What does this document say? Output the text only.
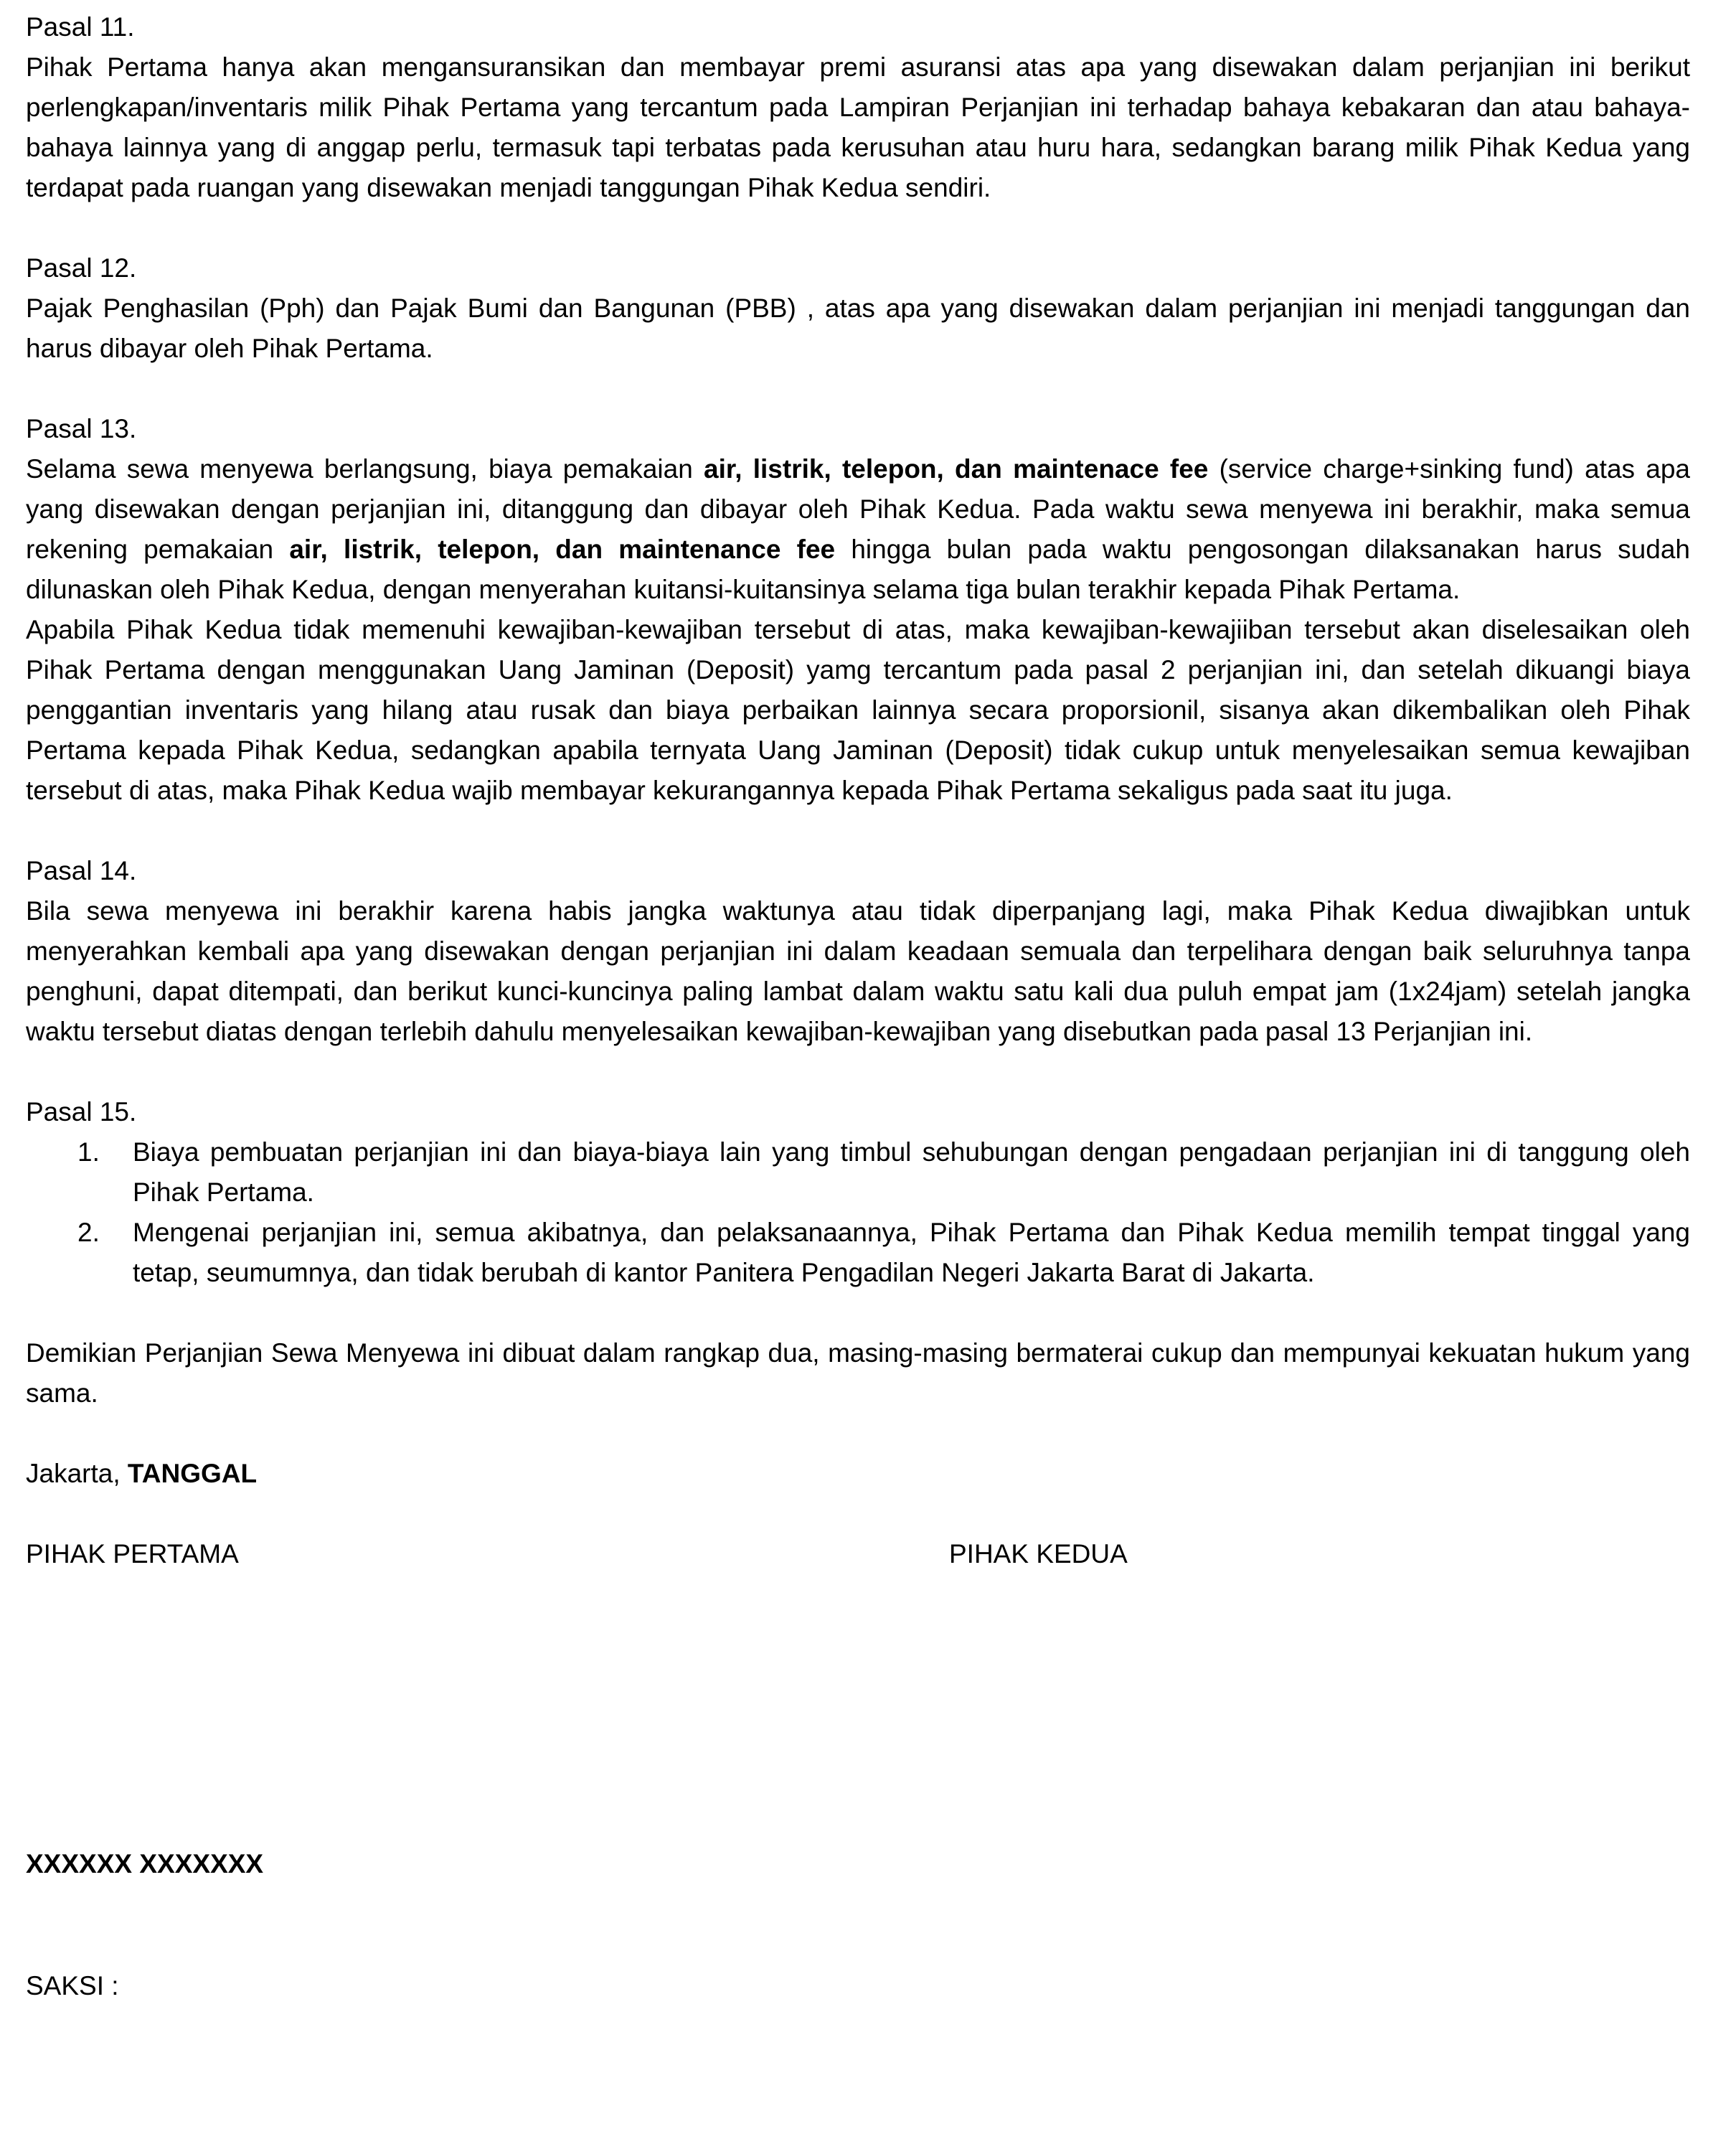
Pasal 11.

Pihak Pertama hanya akan mengansuransikan dan membayar premi asuransi atas apa yang disewakan dalam perjanjian ini berikut perlengkapan/inventaris milik Pihak Pertama yang tercantum pada Lampiran Perjanjian ini terhadap bahaya kebakaran dan atau bahaya-bahaya lainnya yang di anggap perlu, termasuk tapi terbatas pada kerusuhan atau huru hara, sedangkan barang milik Pihak Kedua yang terdapat pada ruangan yang disewakan menjadi tanggungan Pihak Kedua sendiri.

Pasal 12.

Pajak Penghasilan (Pph) dan Pajak Bumi dan Bangunan (PBB) , atas apa yang disewakan dalam perjanjian ini menjadi tanggungan dan harus dibayar oleh Pihak Pertama.

Pasal 13.

Selama sewa menyewa berlangsung, biaya pemakaian air, listrik, telepon, dan maintenace fee (service charge+sinking fund) atas apa yang disewakan dengan perjanjian ini, ditanggung dan dibayar oleh Pihak Kedua. Pada waktu sewa menyewa ini berakhir, maka semua rekening pemakaian air, listrik, telepon, dan maintenance fee hingga bulan pada waktu pengosongan dilaksanakan harus sudah dilunaskan oleh Pihak Kedua, dengan menyerahan kuitansi-kuitansinya selama tiga bulan terakhir kepada Pihak Pertama.

Apabila Pihak Kedua tidak memenuhi kewajiban-kewajiban tersebut di atas, maka kewajiban-kewajiiban tersebut akan diselesaikan oleh Pihak Pertama dengan menggunakan Uang Jaminan (Deposit) yamg tercantum pada pasal 2 perjanjian ini, dan setelah dikuangi biaya penggantian inventaris yang hilang atau rusak dan biaya perbaikan lainnya secara proporsionil, sisanya akan dikembalikan oleh Pihak Pertama kepada Pihak Kedua, sedangkan apabila ternyata Uang Jaminan (Deposit) tidak cukup untuk menyelesaikan semua kewajiban tersebut di atas, maka Pihak Kedua wajib membayar kekurangannya kepada Pihak Pertama sekaligus pada saat itu juga.

Pasal 14.

Bila sewa menyewa ini berakhir karena habis jangka waktunya atau tidak diperpanjang lagi, maka Pihak Kedua diwajibkan untuk menyerahkan kembali apa yang disewakan dengan perjanjian ini dalam keadaan semuala dan terpelihara dengan baik seluruhnya tanpa penghuni, dapat ditempati, dan berikut kunci-kuncinya paling lambat dalam waktu satu kali dua puluh empat jam (1x24jam) setelah jangka waktu tersebut diatas dengan terlebih dahulu menyelesaikan kewajiban-kewajiban yang disebutkan pada pasal 13 Perjanjian ini.

Pasal 15.
1. Biaya pembuatan perjanjian ini dan biaya-biaya lain yang timbul sehubungan dengan pengadaan perjanjian ini di tanggung oleh Pihak Pertama.
2. Mengenai perjanjian ini, semua akibatnya, dan pelaksanaannya, Pihak Pertama dan Pihak Kedua memilih tempat tinggal yang tetap, seumumnya, dan tidak berubah di kantor Panitera Pengadilan Negeri Jakarta Barat di Jakarta.

Demikian Perjanjian Sewa Menyewa ini dibuat dalam rangkap dua, masing-masing bermaterai cukup dan mempunyai kekuatan hukum yang sama.

Jakarta, TANGGAL
PIHAK PERTAMA	PIHAK KEDUA
XXXXXX XXXXXXX
SAKSI :
